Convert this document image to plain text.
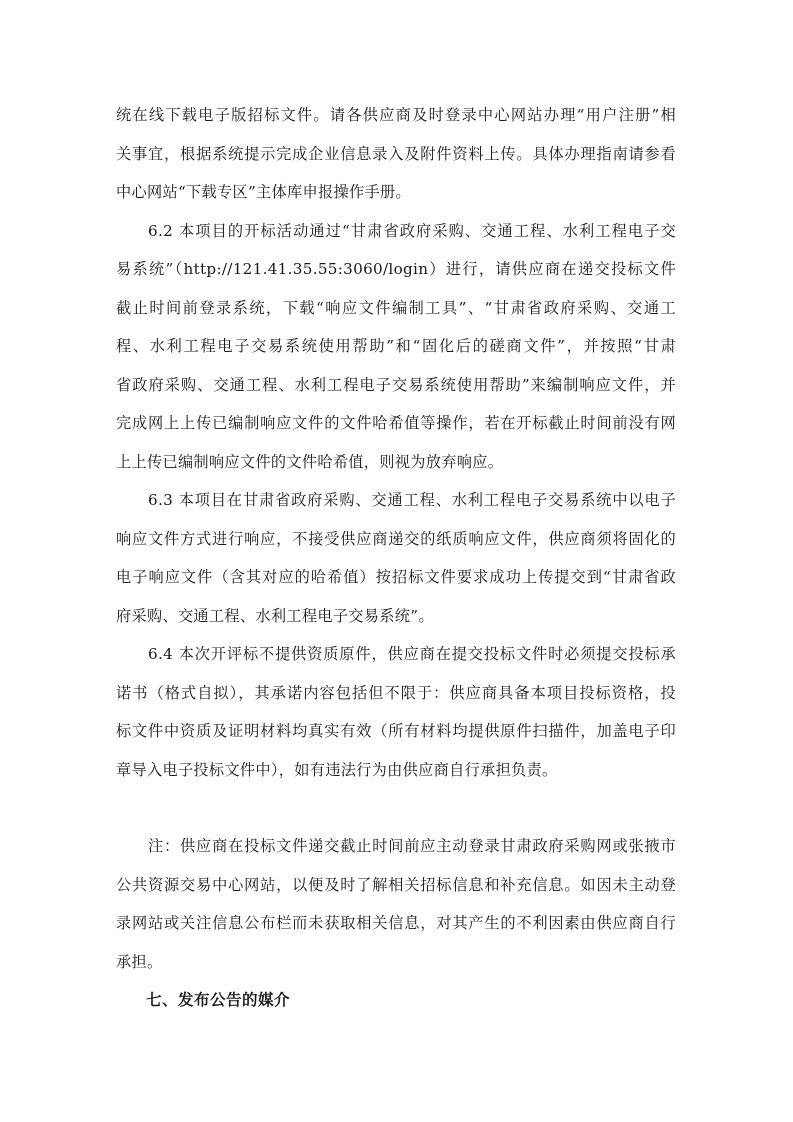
统在线下载电子版招标文件。请各供应商及时登录中心网站办理“用户注册”相
关事宜，根据系统提示完成企业信息录入及附件资料上传。具体办理指南请参看
中心网站“下载专区”主体库申报操作手册。
6.2 本项目的开标活动通过“甘肃省政府采购、交通工程、水利工程电子交
易系统”（http://121.41.35.55:3060/login）进行，请供应商在递交投标文件
截止时间前登录系统，下载“响应文件编制工具”、“甘肃省政府采购、交通工
程、水利工程电子交易系统使用帮助”和“固化后的磋商文件”，并按照“甘肃
省政府采购、交通工程、水利工程电子交易系统使用帮助”来编制响应文件，并
完成网上上传已编制响应文件的文件哈希值等操作，若在开标截止时间前没有网
上上传已编制响应文件的文件哈希值，则视为放弃响应。
6.3 本项目在甘肃省政府采购、交通工程、水利工程电子交易系统中以电子
响应文件方式进行响应，不接受供应商递交的纸质响应文件，供应商须将固化的
电子响应文件（含其对应的哈希值）按招标文件要求成功上传提交到“甘肃省政
府采购、交通工程、水利工程电子交易系统”。
6.4 本次开评标不提供资质原件，供应商在提交投标文件时必须提交投标承
诺书（格式自拟），其承诺内容包括但不限于：供应商具备本项目投标资格，投
标文件中资质及证明材料均真实有效（所有材料均提供原件扫描件，加盖电子印
章导入电子投标文件中），如有违法行为由供应商自行承担负责。
注：供应商在投标文件递交截止时间前应主动登录甘肃政府采购网或张掖市
公共资源交易中心网站，以便及时了解相关招标信息和补充信息。如因未主动登
录网站或关注信息公布栏而未获取相关信息，对其产生的不利因素由供应商自行
承担。
七、发布公告的媒介
